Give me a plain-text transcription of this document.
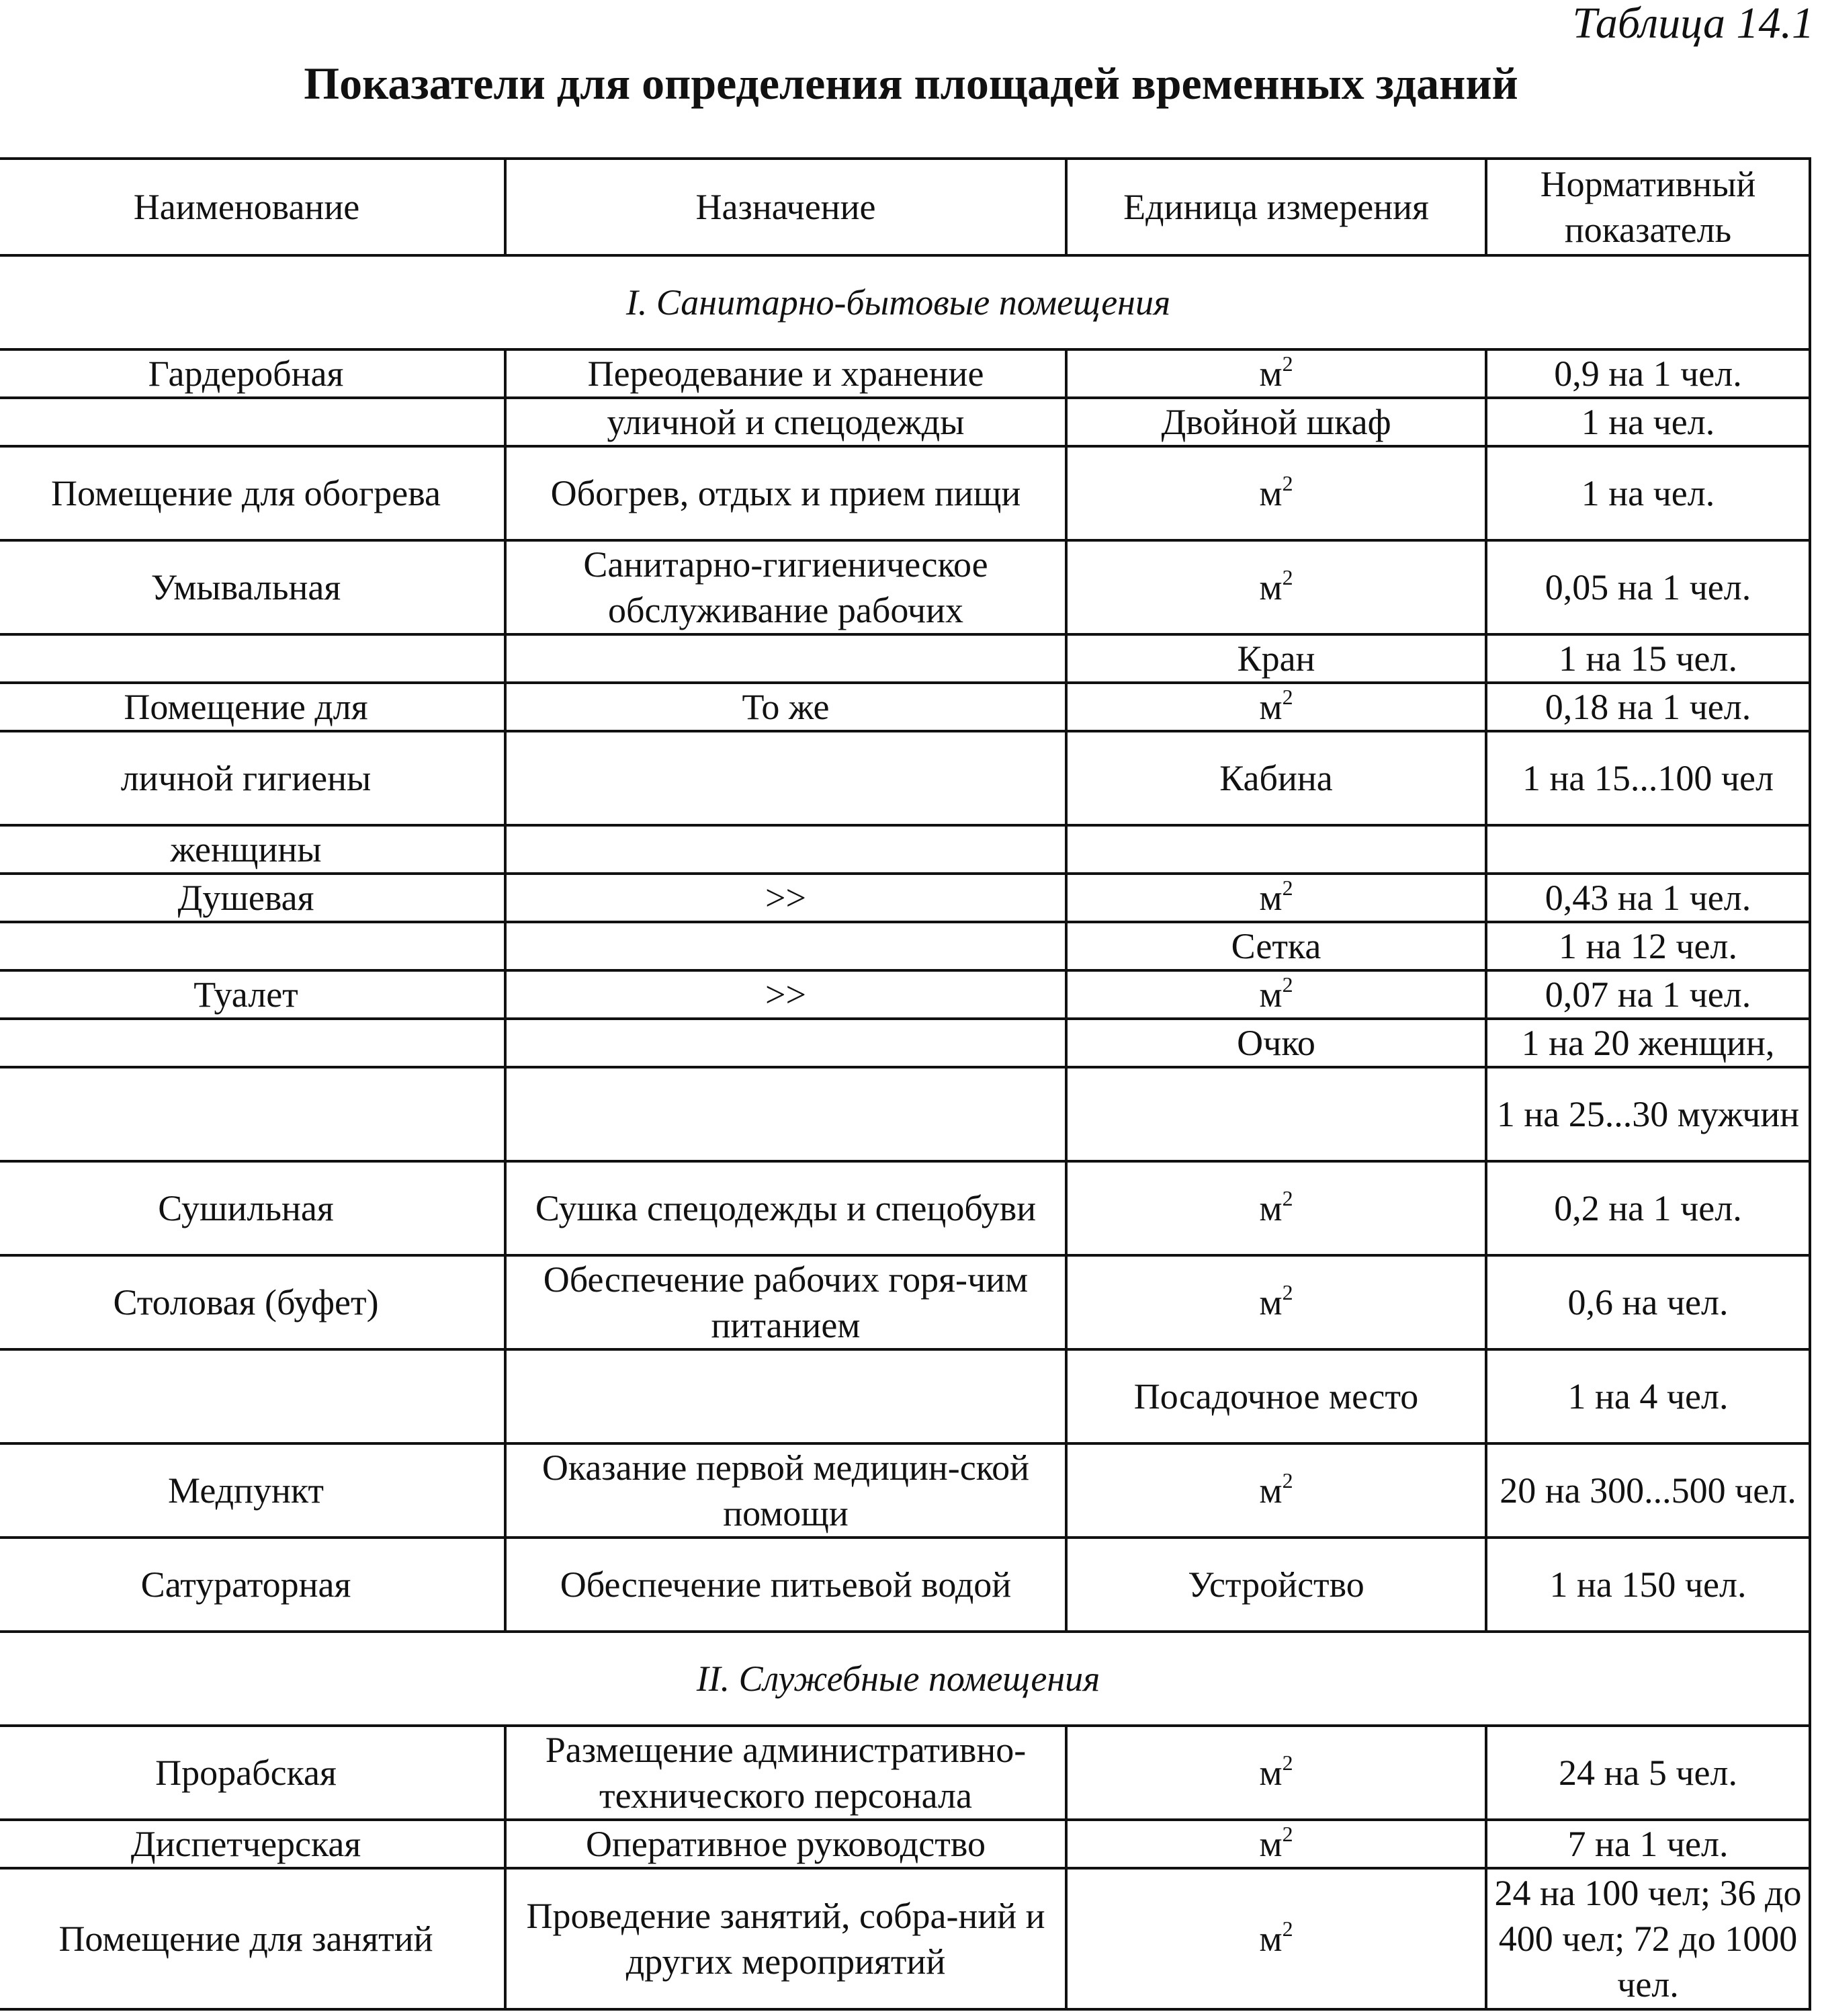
Таблица 14.1
Показатели для определения площадей временных зданий
Наименование	Назначение	Единица измерения	Нормативный показатель
I. Санитарно-бытовые помещения			
Гардеробная	Переодевание и хранение	$м^2$	0,9 на 1 чел.
	уличной и спецодежды	Двойной шкаф	1 на чел.
Помещение для обогрева	Обогрев, отдых и прием пищи	$м^2$	1 на чел.
Умывальная	Санитарно-гигиеническое обслуживание рабочих	$м^2$	0,05 на 1 чел.
		Кран	1 на 15 чел.
Помещение для	То же	$м^2$	0,18 на 1 чел.
личной гигиены		Кабина	1 на 15...100 чел
женщины			
Душевая	>>	$м^2$	0,43 на 1 чел.
		Сетка	1 на 12 чел.
Туалет	>>	$м^2$	0,07 на 1 чел.
		Очко	1 на 20 женщин,
			1 на 25...30 мужчин
Сушильная	Сушка спецодежды и спецобуви	$м^2$	0,2 на 1 чел.
Столовая (буфет)	Обеспечение рабочих горя-чим питанием	$м^2$	0,6 на чел.
		Посадочное место	1 на 4 чел.
Медпункт	Оказание первой медицин-ской помощи	$м^2$	20 на 300...500 чел.
Сатураторная	Обеспечение питьевой водой	Устройство	1 на 150 чел.
II. Служебные помещения			
Прорабская	Размещение административно-технического персонала	$м^2$	24 на 5 чел.
Диспетчерская	Оперативное руководство	$м^2$	7 на 1 чел.
Помещение для занятий	Проведение занятий, собра-ний и других мероприятий	$м^2$	24 на 100 чел; 36 до 400 чел; 72 до 1000 чел.
